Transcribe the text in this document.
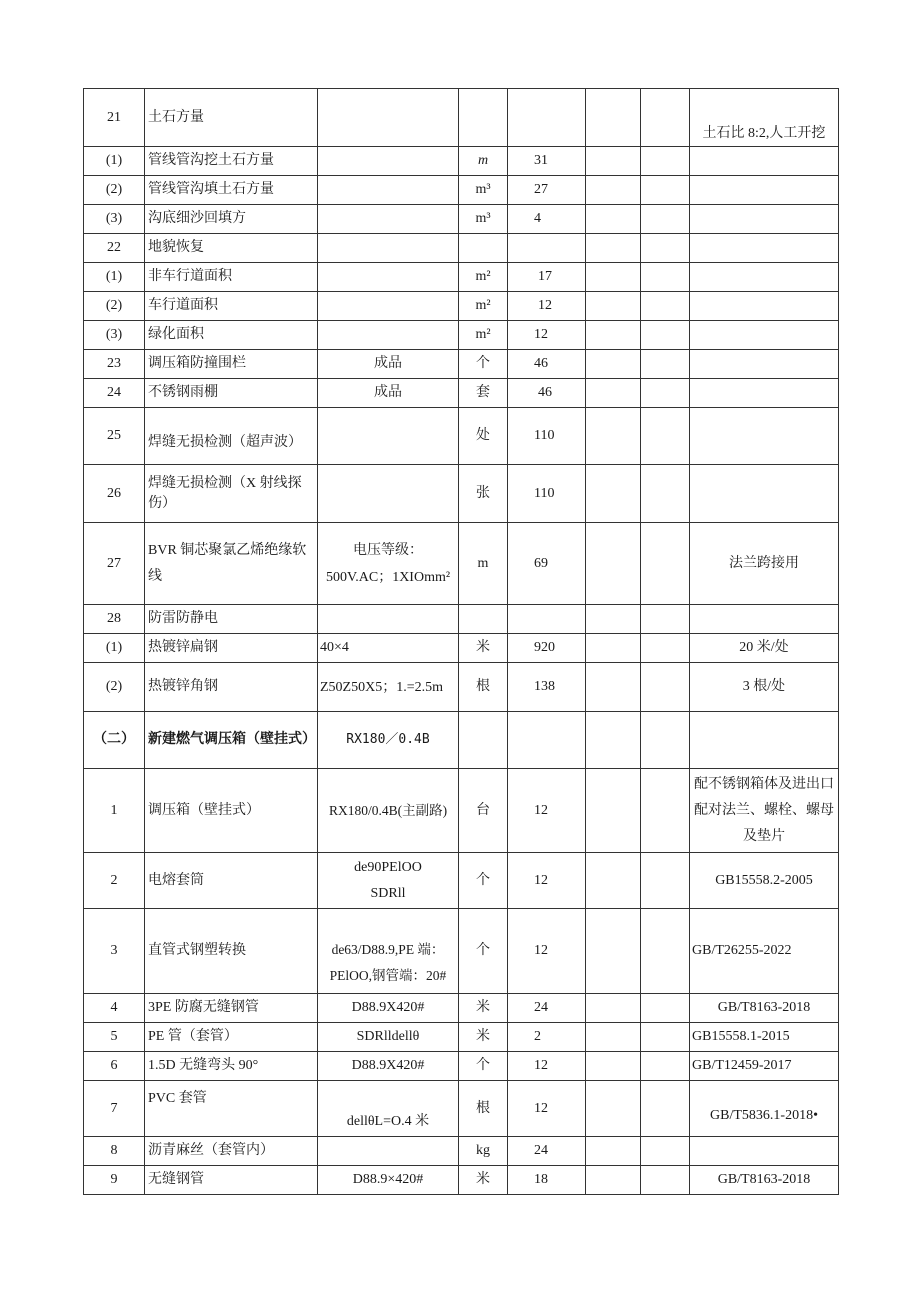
21	土石方量						土石比 8:2,人工开挖
(1)	管线管沟挖土石方量		m	31			
(2)	管线管沟填土石方量		m³	27			
(3)	沟底细沙回填方		m³	4			
22	地貌恢复						
(1)	非车行道面积		m²	17			
(2)	车行道面积		m²	12			
(3)	绿化面积		m²	12			
23	调压箱防撞围栏	成品	个	46			
24	不锈钢雨棚	成品	套	46			
25	焊缝无损检测（超声波）		处	110			
26	焊缝无损检测（X 射线探伤）		张	110			
27	BVR 铜芯聚氯乙烯绝缘软线	电压等级：500V.AC；1XIOmm²	m	69			法兰跨接用
28	防雷防静电						
(1)	热镀锌扁钢	40×4	米	920			20 米/处
(2)	热镀锌角钢	Z50Z50X5；1.=2.5m	根	138			3 根/处
（二）	新建燃气调压箱（壁挂式）	RX180／0.4B					
1	调压箱（壁挂式）	RX180/0.4B(主副路)	台	12			配不锈钢箱体及进出口配对法兰、螺栓、螺母及垫片
2	电熔套筒	de90PElOO SDRll	个	12			GB15558.2-2005
3	直管式钢塑转换	de63/D88.9,PE 端：PElOO,钢管端：20#	个	12			GB/T26255-2022
4	3PE 防腐无缝钢管	D88.9X420#	米	24			GB/T8163-2018
5	PE 管（套管）	SDRlldellθ	米	2			GB15558.1-2015
6	1.5D 无缝弯头 90°	D88.9X420#	个	12			GB/T12459-2017
7	PVC 套管	dellθL=O.4 米	根	12			GB/T5836.1-2018•
8	沥青麻丝（套管内）		kg	24			
9	无缝钢管	D88.9×420#	米	18			GB/T8163-2018
